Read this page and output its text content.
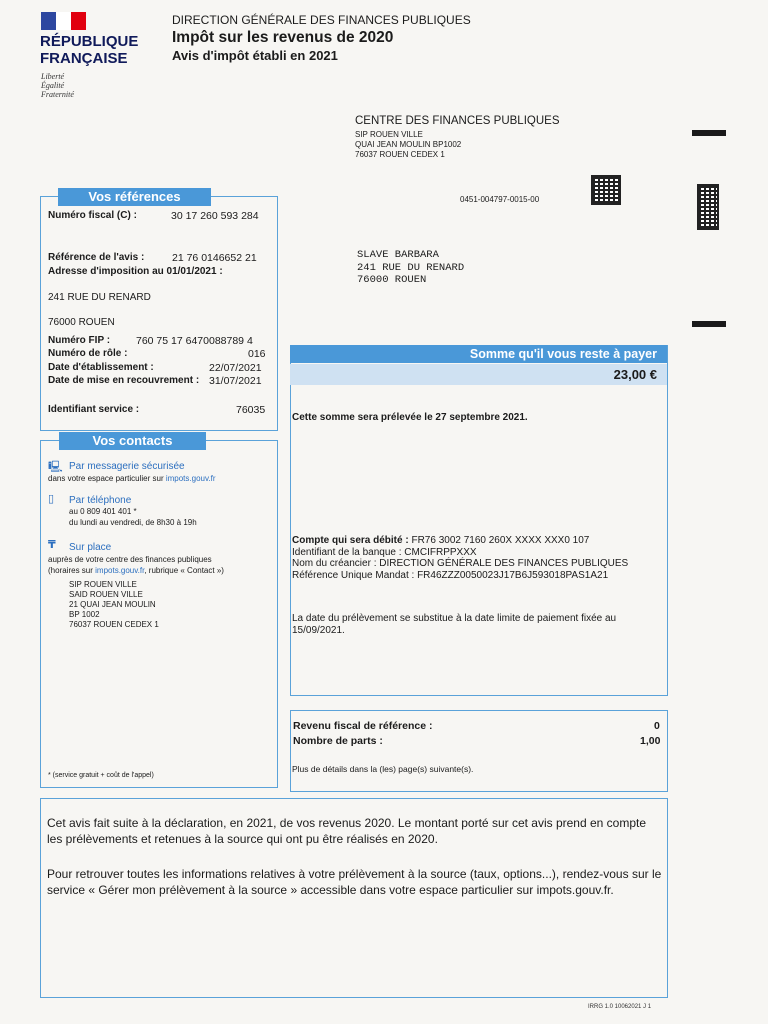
RÉPUBLIQUE
FRANÇAISE
Liberté
Égalité
Fraternité
DIRECTION GÉNÉRALE DES FINANCES PUBLIQUES
Impôt sur les revenus de 2020
Avis d'impôt établi en 2021
CENTRE DES FINANCES PUBLIQUES
SIP ROUEN VILLE
QUAI JEAN MOULIN BP1002
76037 ROUEN CEDEX 1
0451-004797-0015-00
SLAVE BARBARA
241 RUE DU RENARD
76000 ROUEN
Vos références
Numéro fiscal (C) :	30 17 260 593 284
Référence de l'avis :	21 76 0146652 21
Adresse d'imposition au 01/01/2021 :
241 RUE DU RENARD
76000 ROUEN
Numéro FIP : 760 75 17 6470088789 4
Numéro de rôle :	016
Date d'établissement :	22/07/2021
Date de mise en recouvrement : 31/07/2021
Identifiant service :	76035
Vos contacts
🖳 Par messagerie sécurisée
dans votre espace particulier sur impots.gouv.fr
▯ Par téléphone
au 0 809 401 401 *
du lundi au vendredi, de 8h30 à 19h
₸ Sur place
auprès de votre centre des finances publiques
(horaires sur impots.gouv.fr, rubrique « Contact »)
SIP ROUEN VILLE
SAID ROUEN VILLE
21 QUAI JEAN MOULIN
BP 1002
76037 ROUEN CEDEX 1
* (service gratuit + coût de l'appel)
Somme qu'il vous reste à payer
23,00 €
Cette somme sera prélevée le 27 septembre 2021.
Compte qui sera débité : FR76 3002 7160 260X XXXX XXX0 107
Identifiant de la banque : CMCIFRPPXXX
Nom du créancier : DIRECTION GÉNÉRALE DES FINANCES PUBLIQUES
Référence Unique Mandat : FR46ZZZ0050023J17B6J593018PAS1A21
La date du prélèvement se substitue à la date limite de paiement fixée au 15/09/2021.
Revenu fiscal de référence :	0
Nombre de parts :	1,00
Plus de détails dans la (les) page(s) suivante(s).
Cet avis fait suite à la déclaration, en 2021, de vos revenus 2020. Le montant porté sur cet avis prend en compte les prélèvements et retenues à la source qui ont pu être réalisés en 2020.
Pour retrouver toutes les informations relatives à votre prélèvement à la source (taux, options...), rendez-vous sur le service « Gérer mon prélèvement à la source » accessible dans votre espace particulier sur impots.gouv.fr.
IRRG 1.0 10062021 J 1
